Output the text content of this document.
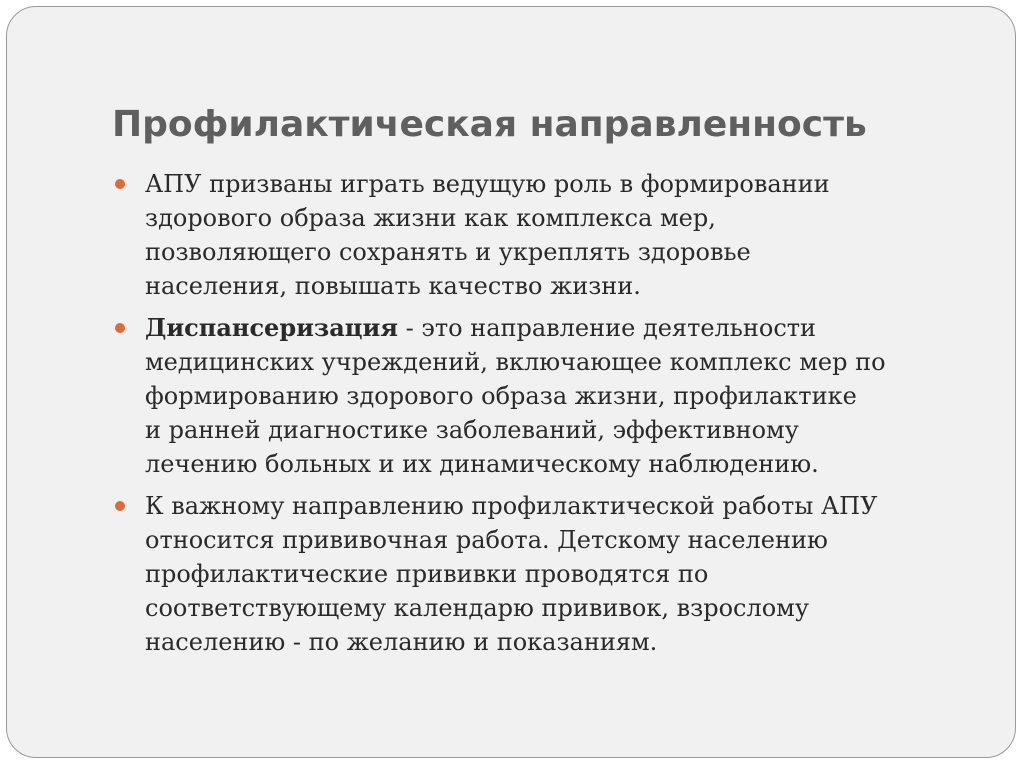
Профилактическая направленность
АПУ призваны играть ведущую роль в формировании
здорового образа жизни как комплекса мер,
позволяющего сохранять и укреплять здоровье
населения, повышать качество жизни.
Диспансеризация - это направление деятельности
медицинских учреждений, включающее комплекс мер по
формированию здорового образа жизни, профилактике
и ранней диагностике заболеваний, эффективному
лечению больных и их динамическому наблюдению.
К важному направлению профилактической работы АПУ
относится прививочная работа. Детскому населению
профилактические прививки проводятся по
соответствующему календарю прививок, взрослому
населению - по желанию и показаниям.
